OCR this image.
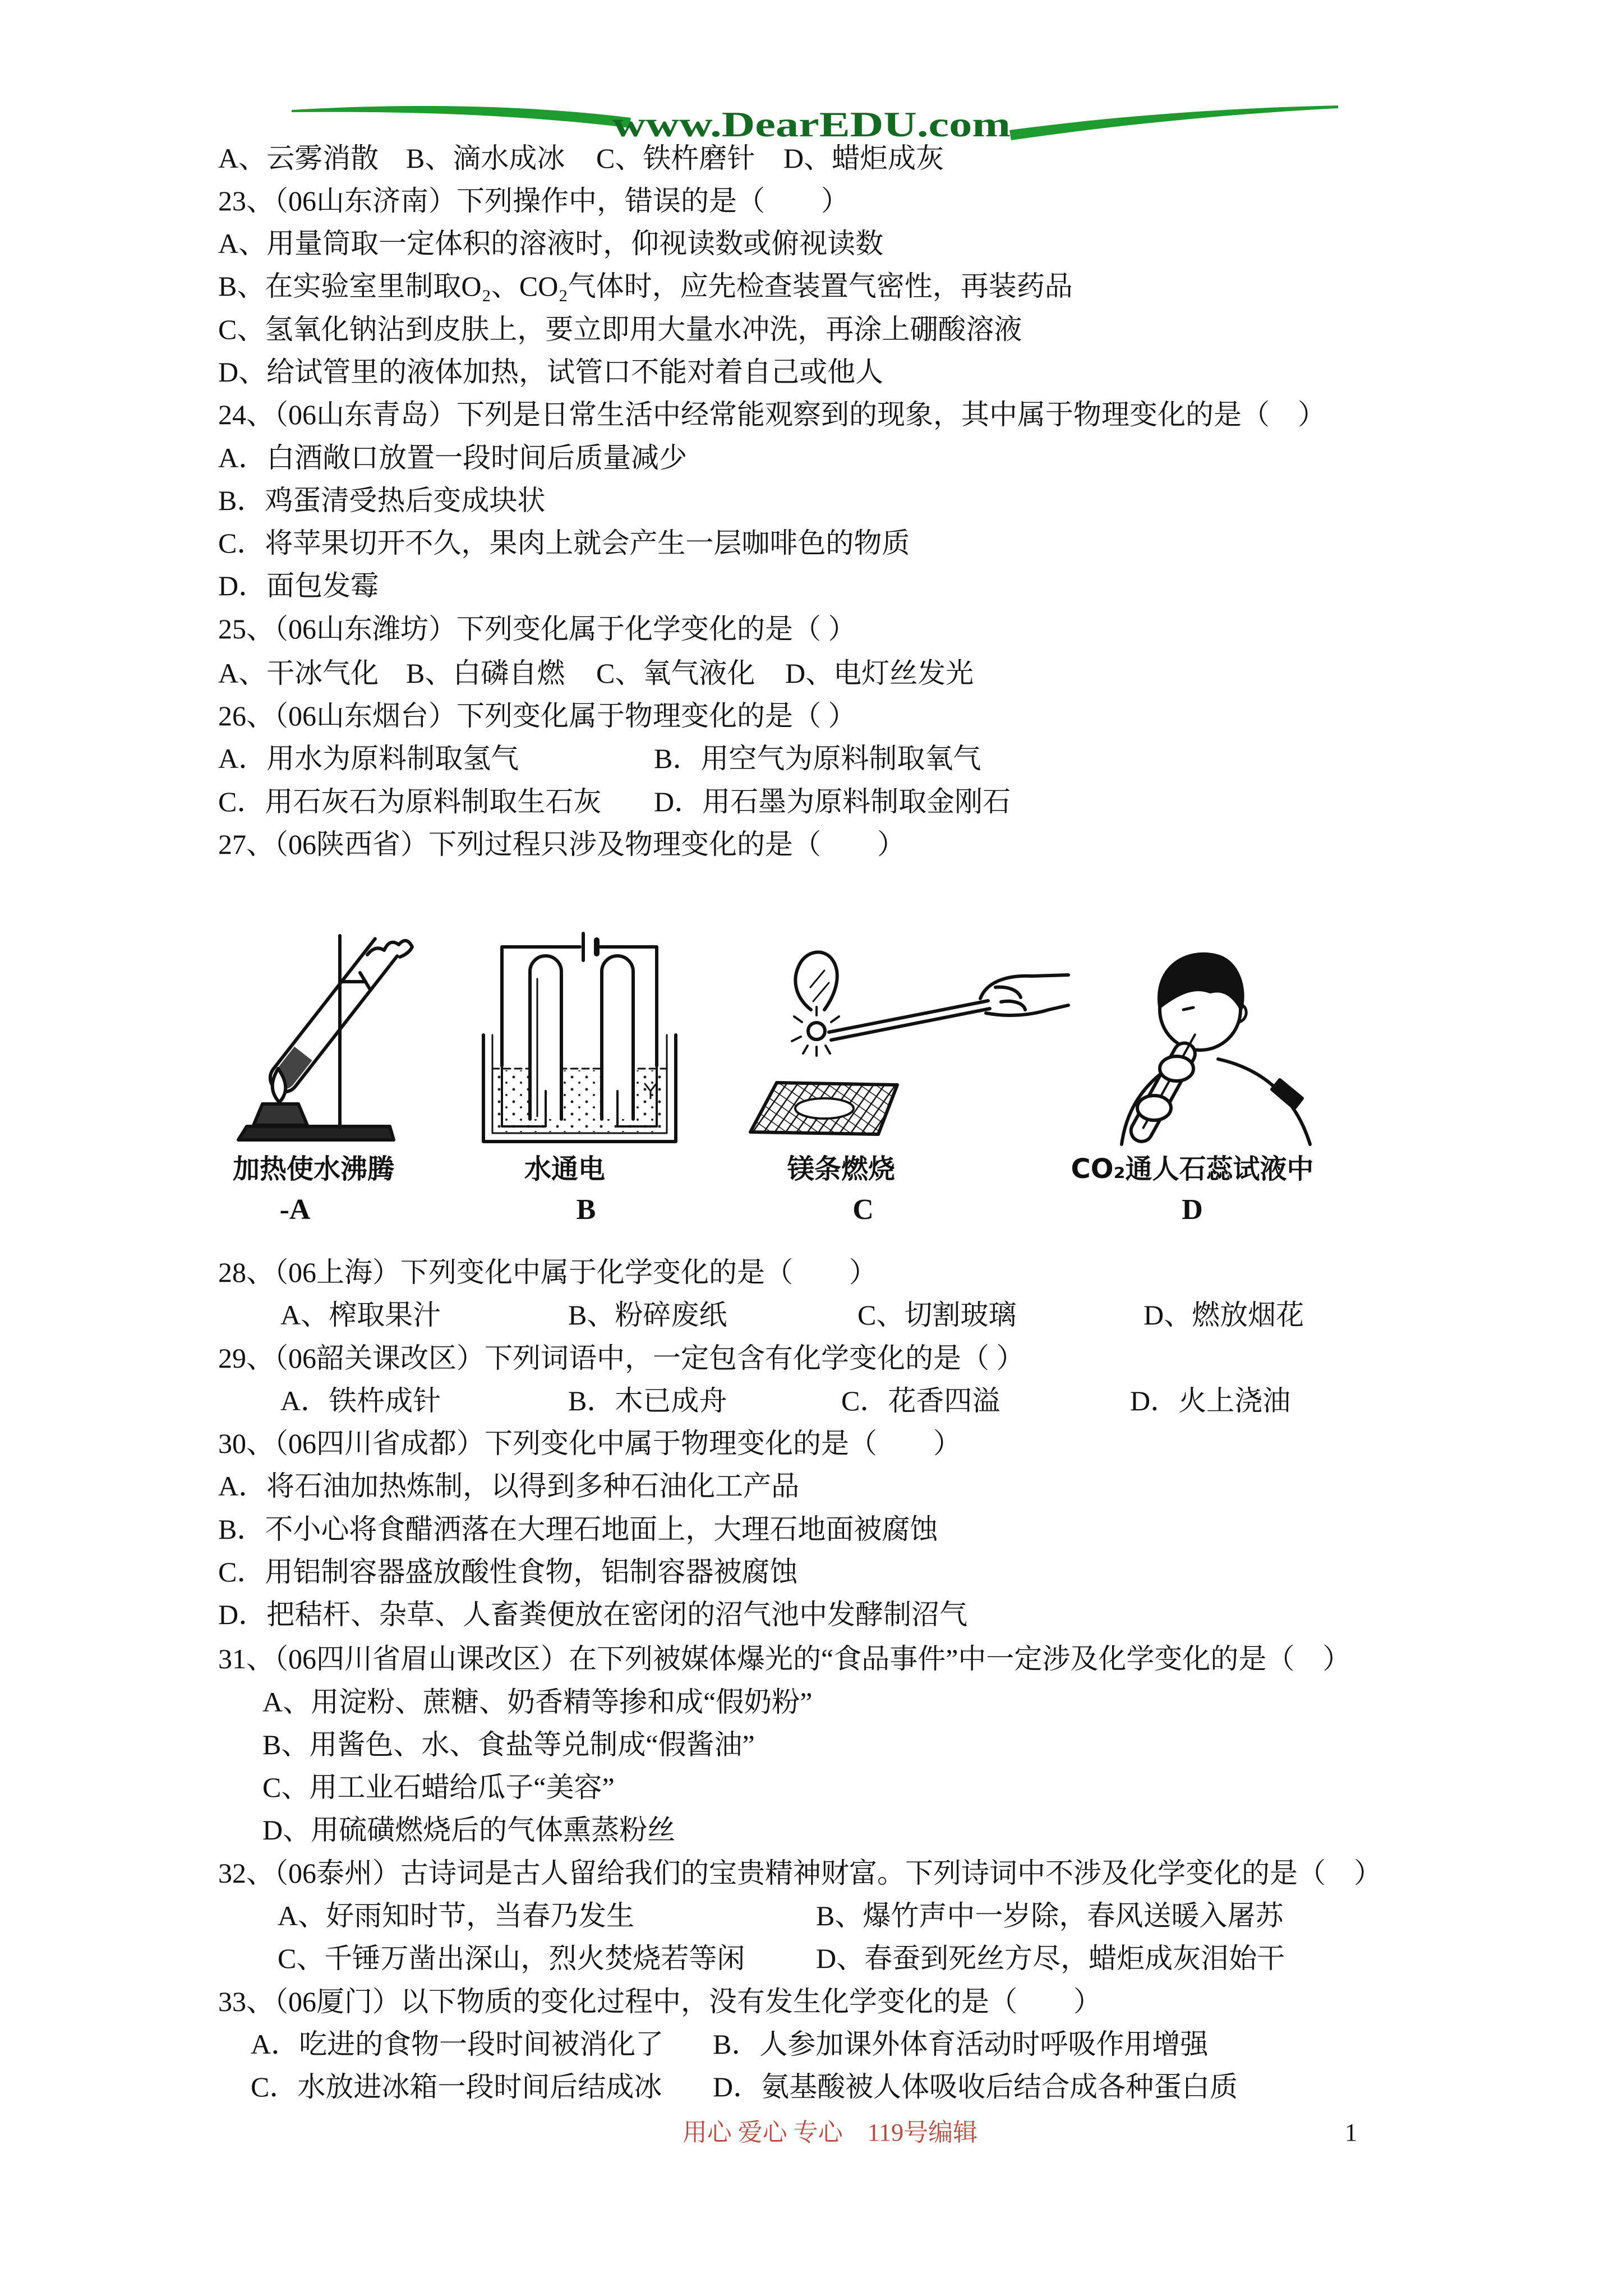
www.DearEDU.com
A、云雾消散 B、滴水成冰 C、铁杵磨针 D、蜡炬成灰
23、（06山东济南）下列操作中，错误的是（　　）
A、用量筒取一定体积的溶液时，仰视读数或俯视读数
B、在实验室里制取O₂、CO₂气体时，应先检查装置气密性，再装药品
C、氢氧化钠沾到皮肤上，要立即用大量水冲洗，再涂上硼酸溶液
D、给试管里的液体加热，试管口不能对着自己或他人
24、（06山东青岛）下列是日常生活中经常能观察到的现象，其中属于物理变化的是（　）
A．白酒敞口放置一段时间后质量减少
B．鸡蛋清受热后变成块状
C．将苹果切开不久，果肉上就会产生一层咖啡色的物质
D．面包发霉
25、（06山东潍坊）下列变化属于化学变化的是（ ）
A、干冰气化 B、白磷自燃 C、氧气液化 D、电灯丝发光
26、（06山东烟台）下列变化属于物理变化的是（ ）
A．用水为原料制取氢气	B．用空气为原料制取氧气
C．用石灰石为原料制取生石灰 D．用石墨为原料制取金刚石
27、（06陕西省）下列过程只涉及物理变化的是（　　）
加热使水沸腾	水通电	镁条燃烧	CO₂通人石蕊试液中
-A	B	C	D
28、（06上海）下列变化中属于化学变化的是（　　）
A、榨取果汁	B、粉碎废纸	C、切割玻璃	D、燃放烟花
29、（06韶关课改区）下列词语中，一定包含有化学变化的是（ ）
A．铁杵成针	B．木已成舟	C．花香四溢	D．火上浇油
30、（06四川省成都）下列变化中属于物理变化的是（　　）
A．将石油加热炼制，以得到多种石油化工产品
B．不小心将食醋洒落在大理石地面上，大理石地面被腐蚀
C．用铝制容器盛放酸性食物，铝制容器被腐蚀
D．把秸杆、杂草、人畜粪便放在密闭的沼气池中发酵制沼气
31、（06四川省眉山课改区）在下列被媒体爆光的“食品事件”中一定涉及化学变化的是（　）
A、用淀粉、蔗糖、奶香精等掺和成“假奶粉”
B、用酱色、水、食盐等兑制成“假酱油”
C、用工业石蜡给瓜子“美容”
D、用硫磺燃烧后的气体熏蒸粉丝
32、（06泰州）古诗词是古人留给我们的宝贵精神财富。下列诗词中不涉及化学变化的是（　）
A、好雨知时节，当春乃发生	B、爆竹声中一岁除，春风送暖入屠苏
C、千锤万凿出深山，烈火焚烧若等闲	D、春蚕到死丝方尽，蜡炬成灰泪始干
33、（06厦门）以下物质的变化过程中，没有发生化学变化的是（　　）
A．吃进的食物一段时间被消化了 B．人参加课外体育活动时呼吸作用增强
C．水放进冰箱一段时间后结成冰 D．氨基酸被人体吸收后结合成各种蛋白质
用心 爱心 专心　119号编辑	1
